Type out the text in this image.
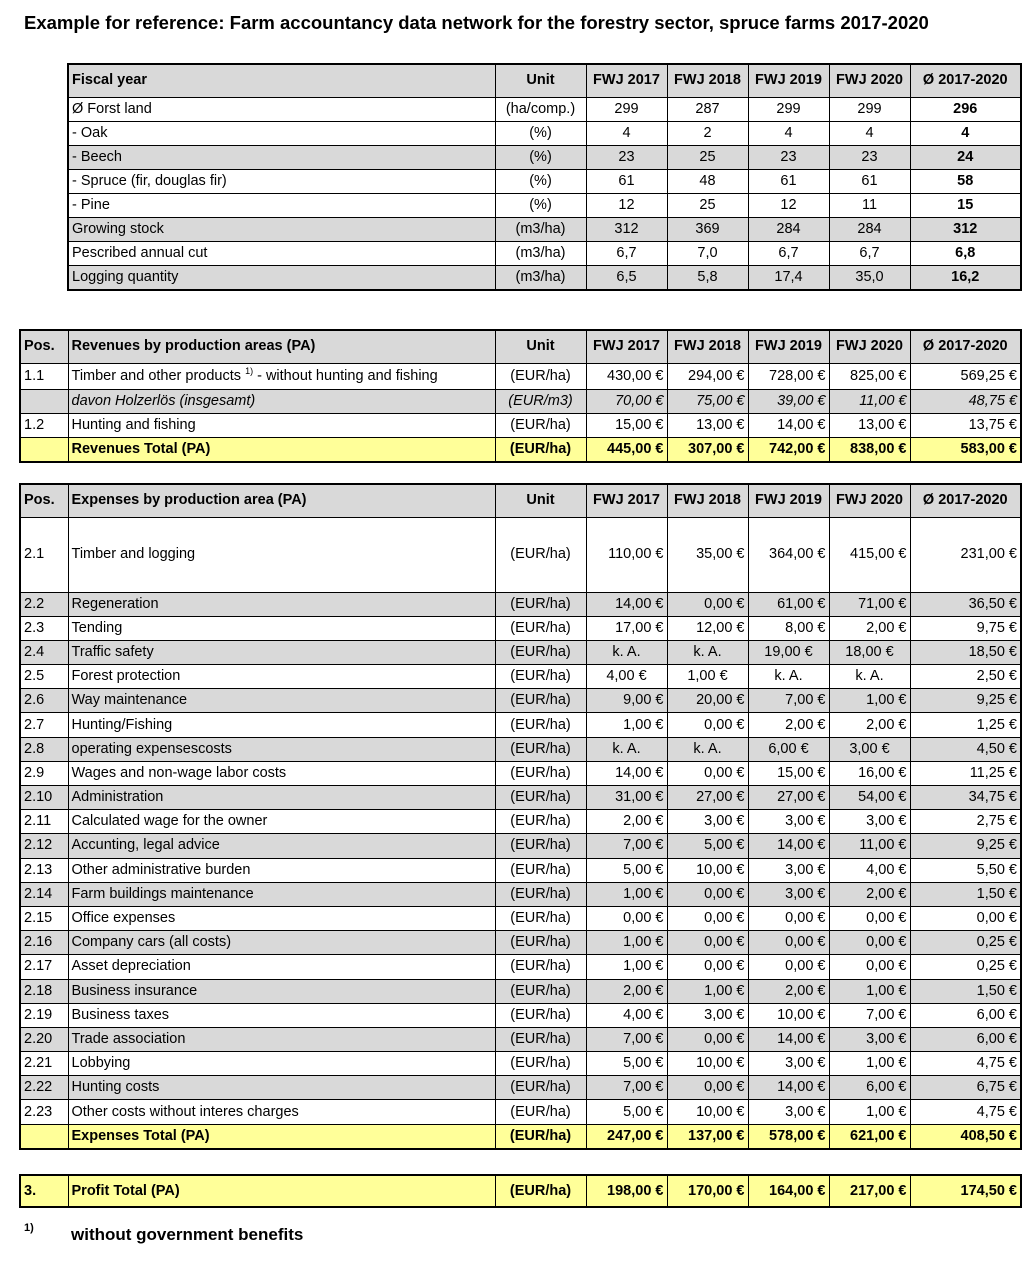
Example for reference: Farm accountancy data network for the forestry sector, spruce farms 2017-2020
Fiscal year	Unit	FWJ 2017	FWJ 2018	FWJ 2019	FWJ 2020	Ø 2017-2020
Ø Forst land	(ha/comp.)	299	287	299	299	296
- Oak	(%)	4	2	4	4	4
- Beech	(%)	23	25	23	23	24
- Spruce (fir, douglas fir)	(%)	61	48	61	61	58
- Pine	(%)	12	25	12	11	15
Growing stock	(m3/ha)	312	369	284	284	312
Pescribed annual cut	(m3/ha)	6,7	7,0	6,7	6,7	6,8
Logging quantity	(m3/ha)	6,5	5,8	17,4	35,0	16,2
Pos.	Revenues by production areas (PA)	Unit	FWJ 2017	FWJ 2018	FWJ 2019	FWJ 2020	Ø 2017-2020
1.1	Timber and other products $^{1)}$ - without hunting and fishing	(EUR/ha)	430,00 €	294,00 €	728,00 €	825,00 €	569,25 €
	davon Holzerlös (insgesamt)	(EUR/m3)	70,00 €	75,00 €	39,00 €	11,00 €	48,75 €
1.2	Hunting and fishing	(EUR/ha)	15,00 €	13,00 €	14,00 €	13,00 €	13,75 €
	Revenues Total (PA)	(EUR/ha)	445,00 €	307,00 €	742,00 €	838,00 €	583,00 €
Pos.	Expenses by production area (PA)	Unit	FWJ 2017	FWJ 2018	FWJ 2019	FWJ 2020	Ø 2017-2020
2.1	Timber and logging	(EUR/ha)	110,00 €	35,00 €	364,00 €	415,00 €	231,00 €
2.2	Regeneration	(EUR/ha)	14,00 €	0,00 €	61,00 €	71,00 €	36,50 €
2.3	Tending	(EUR/ha)	17,00 €	12,00 €	8,00 €	2,00 €	9,75 €
2.4	Traffic safety	(EUR/ha)	k. A.	k. A.	19,00 €	18,00 €	18,50 €
2.5	Forest protection	(EUR/ha)	4,00 €	1,00 €	k. A.	k. A.	2,50 €
2.6	Way maintenance	(EUR/ha)	9,00 €	20,00 €	7,00 €	1,00 €	9,25 €
2.7	Hunting/Fishing	(EUR/ha)	1,00 €	0,00 €	2,00 €	2,00 €	1,25 €
2.8	operating expensescosts	(EUR/ha)	k. A.	k. A.	6,00 €	3,00 €	4,50 €
2.9	Wages and non-wage labor costs	(EUR/ha)	14,00 €	0,00 €	15,00 €	16,00 €	11,25 €
2.10	Administration	(EUR/ha)	31,00 €	27,00 €	27,00 €	54,00 €	34,75 €
2.11	Calculated wage for the owner	(EUR/ha)	2,00 €	3,00 €	3,00 €	3,00 €	2,75 €
2.12	Accunting, legal advice	(EUR/ha)	7,00 €	5,00 €	14,00 €	11,00 €	9,25 €
2.13	Other administrative burden	(EUR/ha)	5,00 €	10,00 €	3,00 €	4,00 €	5,50 €
2.14	Farm buildings maintenance	(EUR/ha)	1,00 €	0,00 €	3,00 €	2,00 €	1,50 €
2.15	Office expenses	(EUR/ha)	0,00 €	0,00 €	0,00 €	0,00 €	0,00 €
2.16	Company cars (all costs)	(EUR/ha)	1,00 €	0,00 €	0,00 €	0,00 €	0,25 €
2.17	Asset depreciation	(EUR/ha)	1,00 €	0,00 €	0,00 €	0,00 €	0,25 €
2.18	Business insurance	(EUR/ha)	2,00 €	1,00 €	2,00 €	1,00 €	1,50 €
2.19	Business taxes	(EUR/ha)	4,00 €	3,00 €	10,00 €	7,00 €	6,00 €
2.20	Trade association	(EUR/ha)	7,00 €	0,00 €	14,00 €	3,00 €	6,00 €
2.21	Lobbying	(EUR/ha)	5,00 €	10,00 €	3,00 €	1,00 €	4,75 €
2.22	Hunting costs	(EUR/ha)	7,00 €	0,00 €	14,00 €	6,00 €	6,75 €
2.23	Other costs without interes charges	(EUR/ha)	5,00 €	10,00 €	3,00 €	1,00 €	4,75 €
	Expenses Total (PA)	(EUR/ha)	247,00 €	137,00 €	578,00 €	621,00 €	408,50 €
3.	Profit Total (PA)	(EUR/ha)	198,00 €	170,00 €	164,00 €	217,00 €	174,50 €
1) without government benefits
